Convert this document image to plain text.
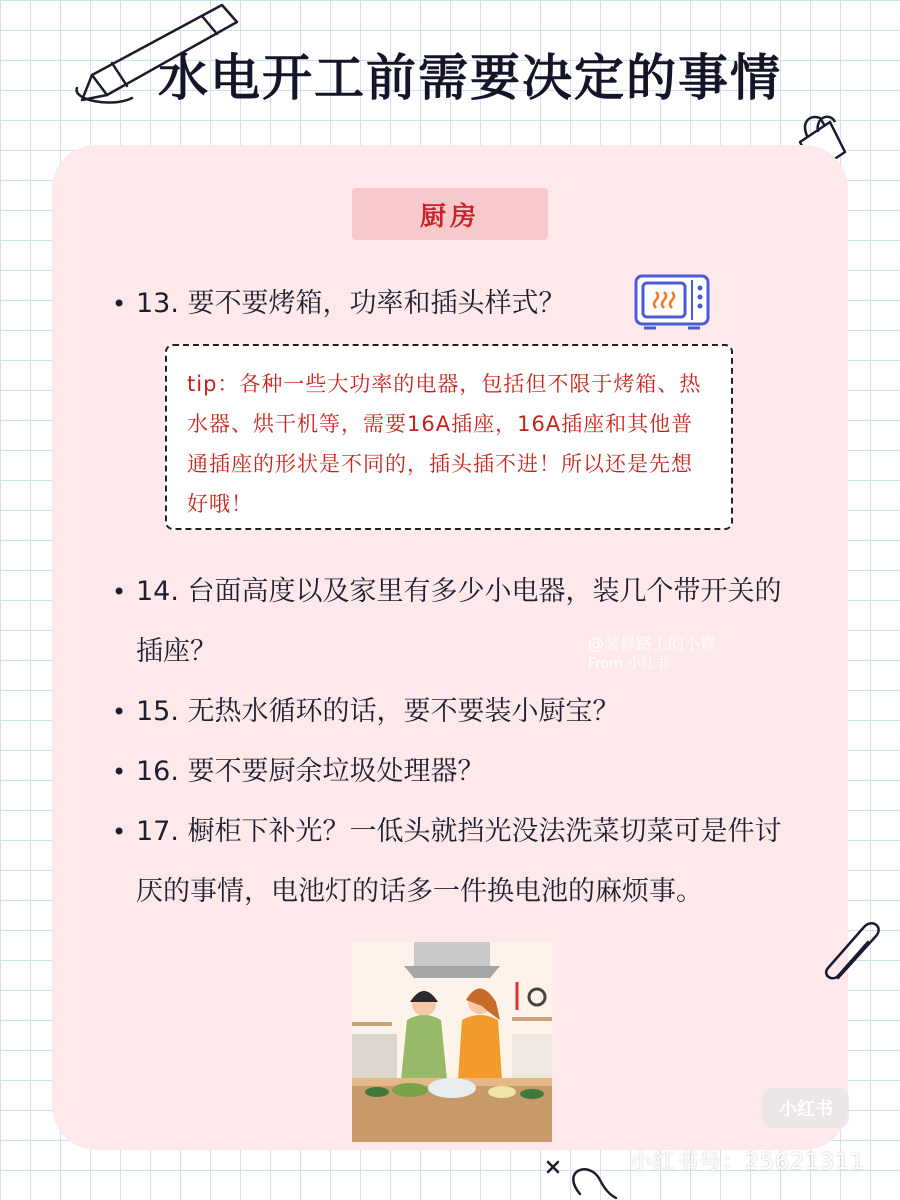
水电开工前需要决定的事情
厨房
• 13. 要不要烤箱，功率和插头样式？
tip：各种一些大功率的电器，包括但不限于烤箱、热水器、烘干机等，需要16A插座，16A插座和其他普通插座的形状是不同的，插头插不进！所以还是先想好哦！
• 14. 台面高度以及家里有多少小电器，装几个带开关的插座？	@装修路上的小蝶
From 小红书
• 15. 无热水循环的话，要不要装小厨宝？
• 16. 要不要厨余垃圾处理器？
• 17. 橱柜下补光？一低头就挡光没法洗菜切菜可是件讨厌的事情，电池灯的话多一件换电池的麻烦事。
小红书
小红书号：25621311
